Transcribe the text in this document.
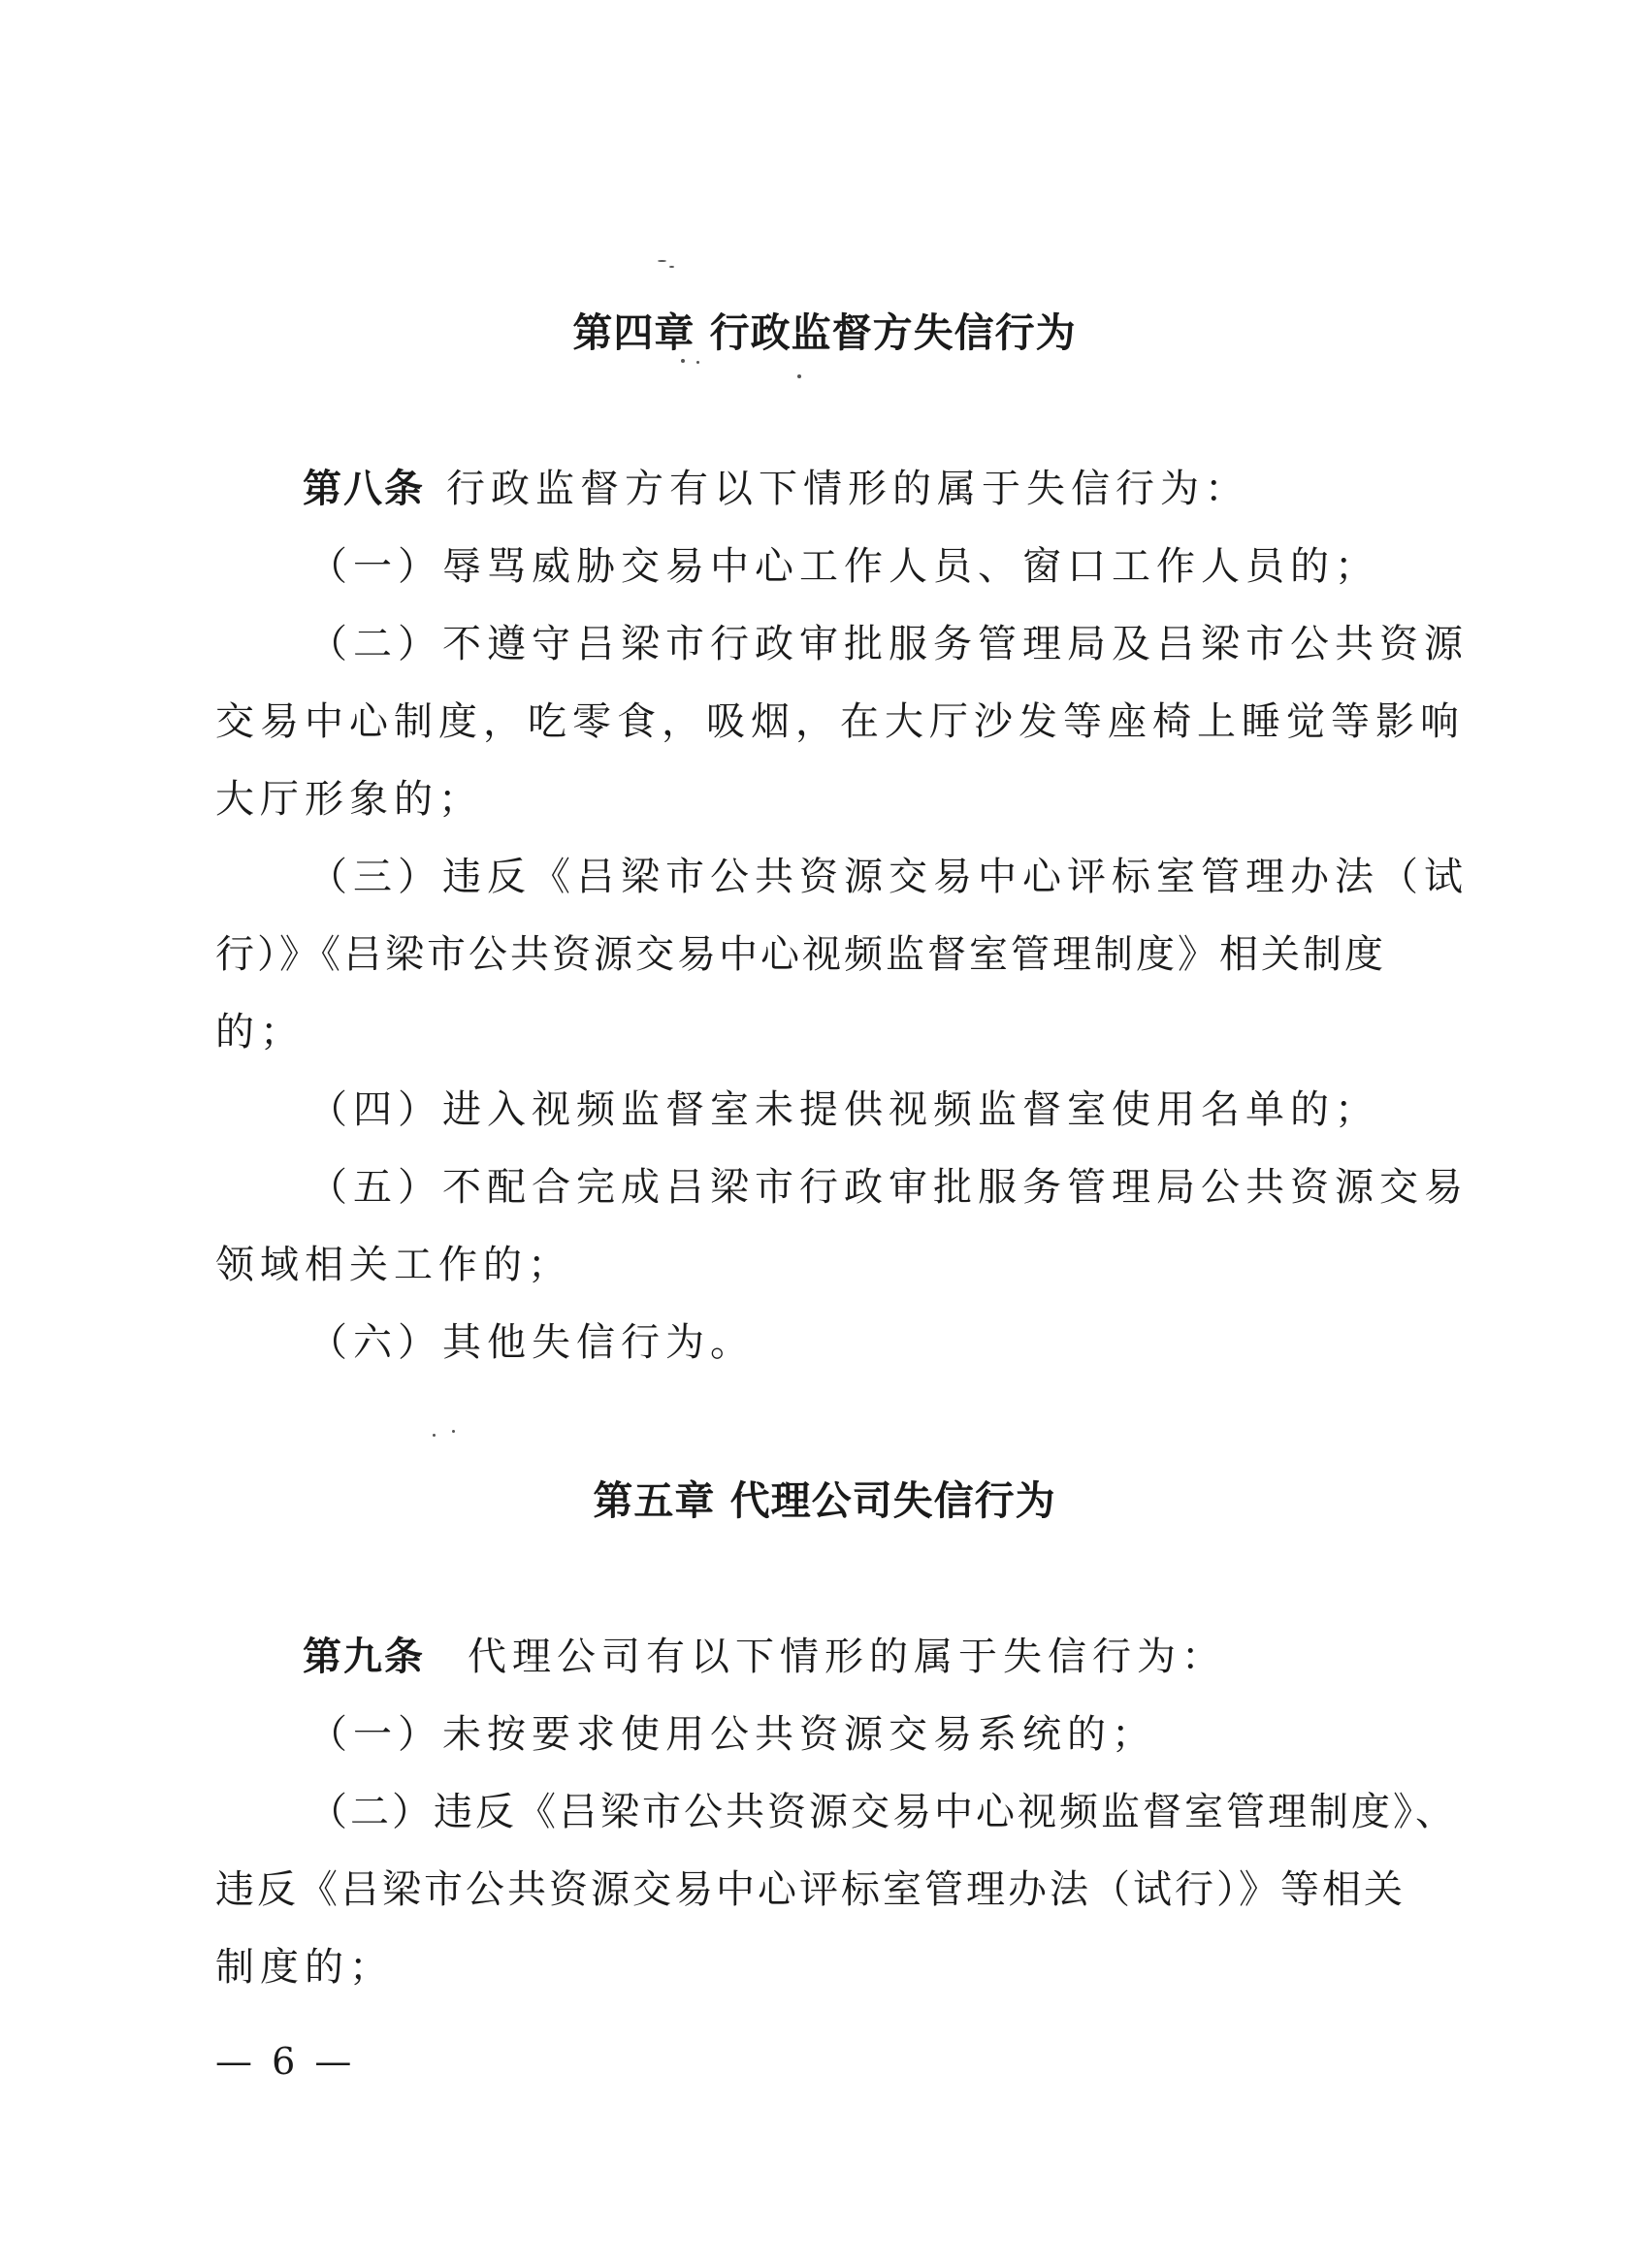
第四章 行政监督方失信行为
第八条 行政监督方有以下情形的属于失信行为：
（一）辱骂威胁交易中心工作人员、窗口工作人员的；
（二）不遵守吕梁市行政审批服务管理局及吕梁市公共资源
交易中心制度，吃零食，吸烟，在大厅沙发等座椅上睡觉等影响
大厅形象的；
（三）违反《吕梁市公共资源交易中心评标室管理办法（试
行）》《吕梁市公共资源交易中心视频监督室管理制度》相关制度
的；
（四）进入视频监督室未提供视频监督室使用名单的；
（五）不配合完成吕梁市行政审批服务管理局公共资源交易
领域相关工作的；
（六）其他失信行为。
第五章 代理公司失信行为
第九条 代理公司有以下情形的属于失信行为：
（一）未按要求使用公共资源交易系统的；
（二）违反《吕梁市公共资源交易中心视频监督室管理制度》、
违反《吕梁市公共资源交易中心评标室管理办法（试行）》等相关
制度的；
— 6 —
